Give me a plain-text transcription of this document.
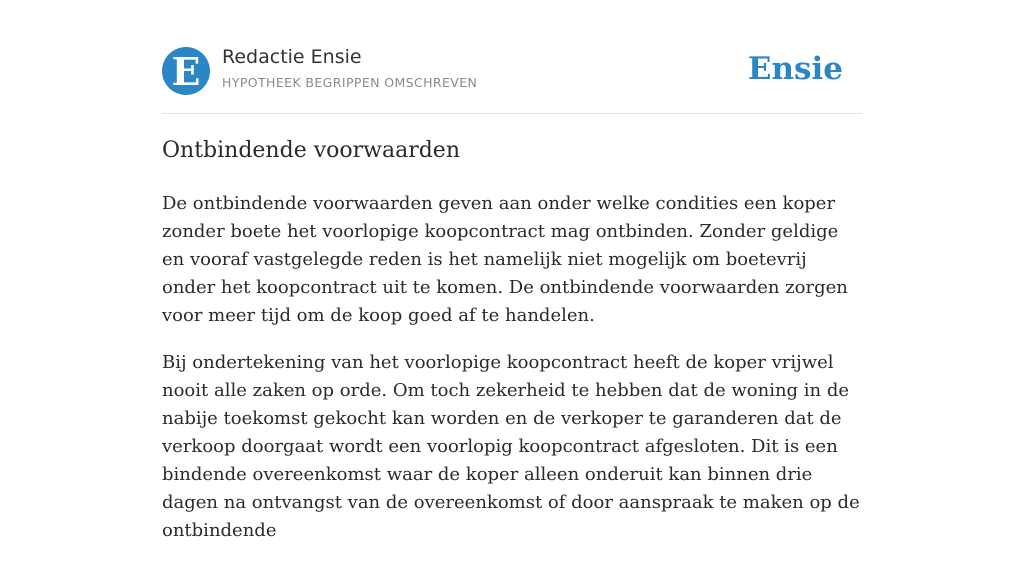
E Redactie Ensie
HYPOTHEEK BEGRIPPEN OMSCHREVEN	Ensie
Ontbindende voorwaarden

De ontbindende voorwaarden geven aan onder welke condities een koper zonder boete het voorlopige koopcontract mag ontbinden. Zonder geldige en vooraf vastgelegde reden is het namelijk niet mogelijk om boetevrij onder het koopcontract uit te komen. De ontbindende voorwaarden zorgen voor meer tijd om de koop goed af te handelen.

Bij ondertekening van het voorlopige koopcontract heeft de koper vrijwel nooit alle zaken op orde. Om toch zekerheid te hebben dat de woning in de nabije toekomst gekocht kan worden en de verkoper te garanderen dat de verkoop doorgaat wordt een voorlopig koopcontract afgesloten. Dit is een bindende overeenkomst waar de koper alleen onderuit kan binnen drie dagen na ontvangst van de overeenkomst of door aanspraak te maken op de ontbindende
